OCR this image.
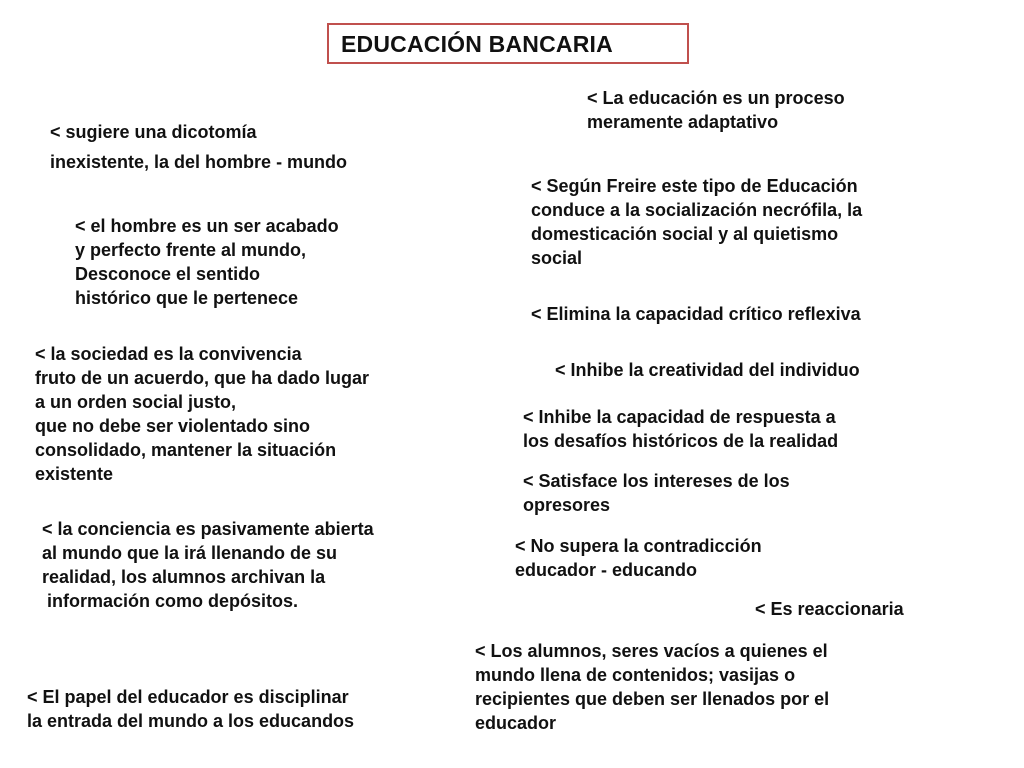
EDUCACIÓN BANCARIA
< sugiere una dicotomía
inexistente, la del hombre - mundo
< el hombre es un ser acabado
y perfecto frente al mundo,
Desconoce el sentido
histórico que le pertenece
< la sociedad es la convivencia
fruto de un acuerdo, que ha dado lugar
a un orden social justo,
que no debe ser violentado sino
consolidado, mantener la situación
existente
< la conciencia es pasivamente abierta
al mundo que la irá llenando de su
realidad, los alumnos archivan la
información como depósitos.
< El papel del educador es disciplinar
la entrada del mundo a los educandos
< La educación es un proceso
meramente adaptativo
< Según Freire este tipo de Educación
conduce a la socialización necrófila, la
domesticación social y al quietismo
social
< Elimina la capacidad crítico reflexiva
< Inhibe la creatividad del individuo
< Inhibe la capacidad de respuesta a
los desafíos históricos de la realidad
< Satisface los intereses de los
opresores
< No supera la contradicción
educador - educando
< Es reaccionaria
< Los alumnos, seres vacíos a quienes el
mundo llena de contenidos; vasijas o
recipientes que deben ser llenados por el
educador
